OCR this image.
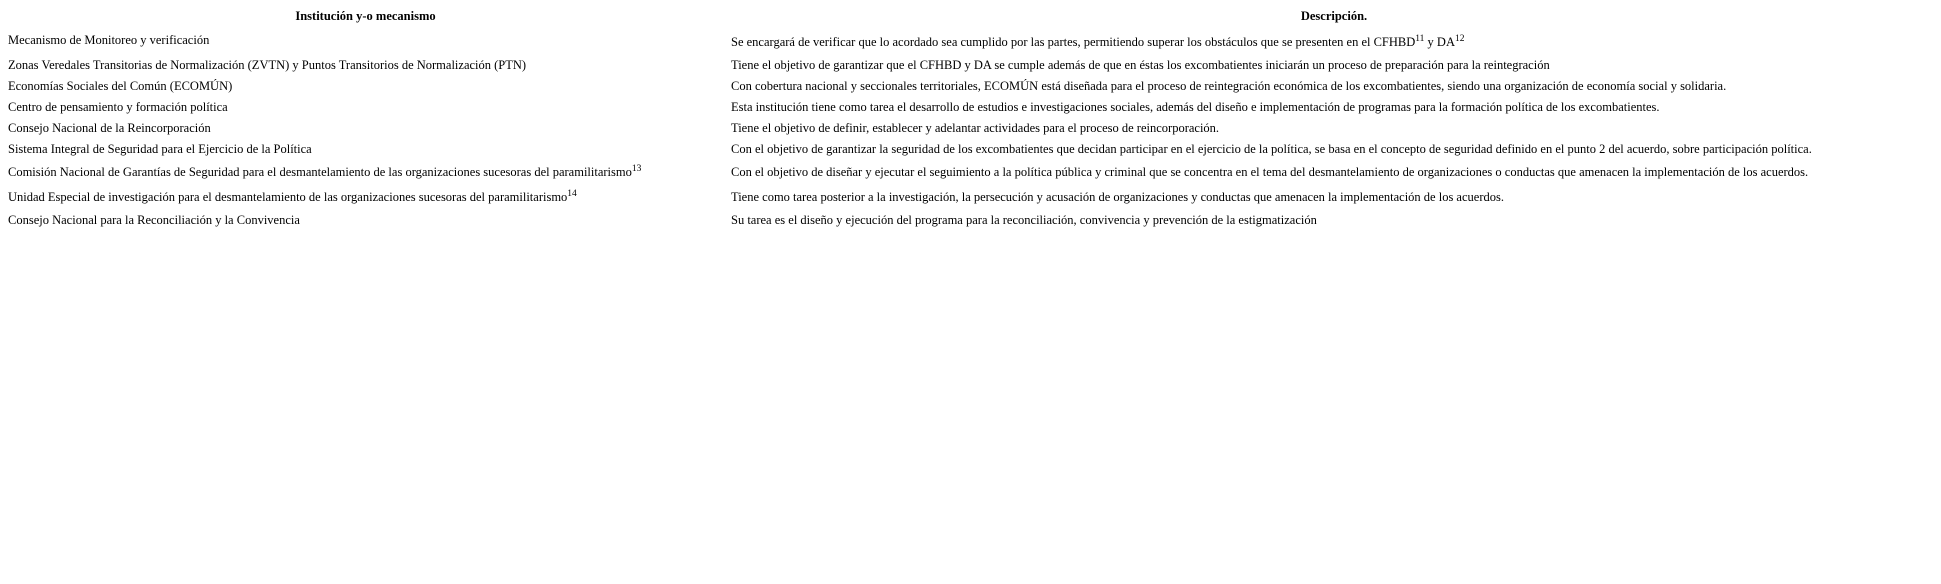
Institución y-o mecanismo	Descripción.
Mecanismo de Monitoreo y verificación	Se encargará de verificar que lo acordado sea cumplido por las partes, permitiendo superar los obstáculos que se presenten en el CFHBD$^{11}$ y DA$^{12}$
Zonas Veredales Transitorias de Normalización (ZVTN) y Puntos Transitorios de Normalización (PTN)	Tiene el objetivo de garantizar que el CFHBD y DA se cumple además de que en éstas los excombatientes iniciarán un proceso de preparación para la reintegración
Economías Sociales del Común (ECOMÚN)	Con cobertura nacional y seccionales territoriales, ECOMÚN está diseñada para el proceso de reintegración económica de los excombatientes, siendo una organización de economía social y solidaria.
Centro de pensamiento y formación política	Esta institución tiene como tarea el desarrollo de estudios e investigaciones sociales, además del diseño e implementación de programas para la formación política de los excombatientes.
Consejo Nacional de la Reincorporación	Tiene el objetivo de definir, establecer y adelantar actividades para el proceso de reincorporación.
Sistema Integral de Seguridad para el Ejercicio de la Política	Con el objetivo de garantizar la seguridad de los excombatientes que decidan participar en el ejercicio de la política, se basa en el concepto de seguridad definido en el punto 2 del acuerdo, sobre participación política.
Comisión Nacional de Garantías de Seguridad para el desmantelamiento de las organizaciones sucesoras del paramilitarismo$^{13}$	Con el objetivo de diseñar y ejecutar el seguimiento a la política pública y criminal que se concentra en el tema del desmantelamiento de organizaciones o conductas que amenacen la implementación de los acuerdos.
Unidad Especial de investigación para el desmantelamiento de las organizaciones sucesoras del paramilitarismo$^{14}$	Tiene como tarea posterior a la investigación, la persecución y acusación de organizaciones y conductas que amenacen la implementación de los acuerdos.
Consejo Nacional para la Reconciliación y la Convivencia	Su tarea es el diseño y ejecución del programa para la reconciliación, convivencia y prevención de la estigmatización
